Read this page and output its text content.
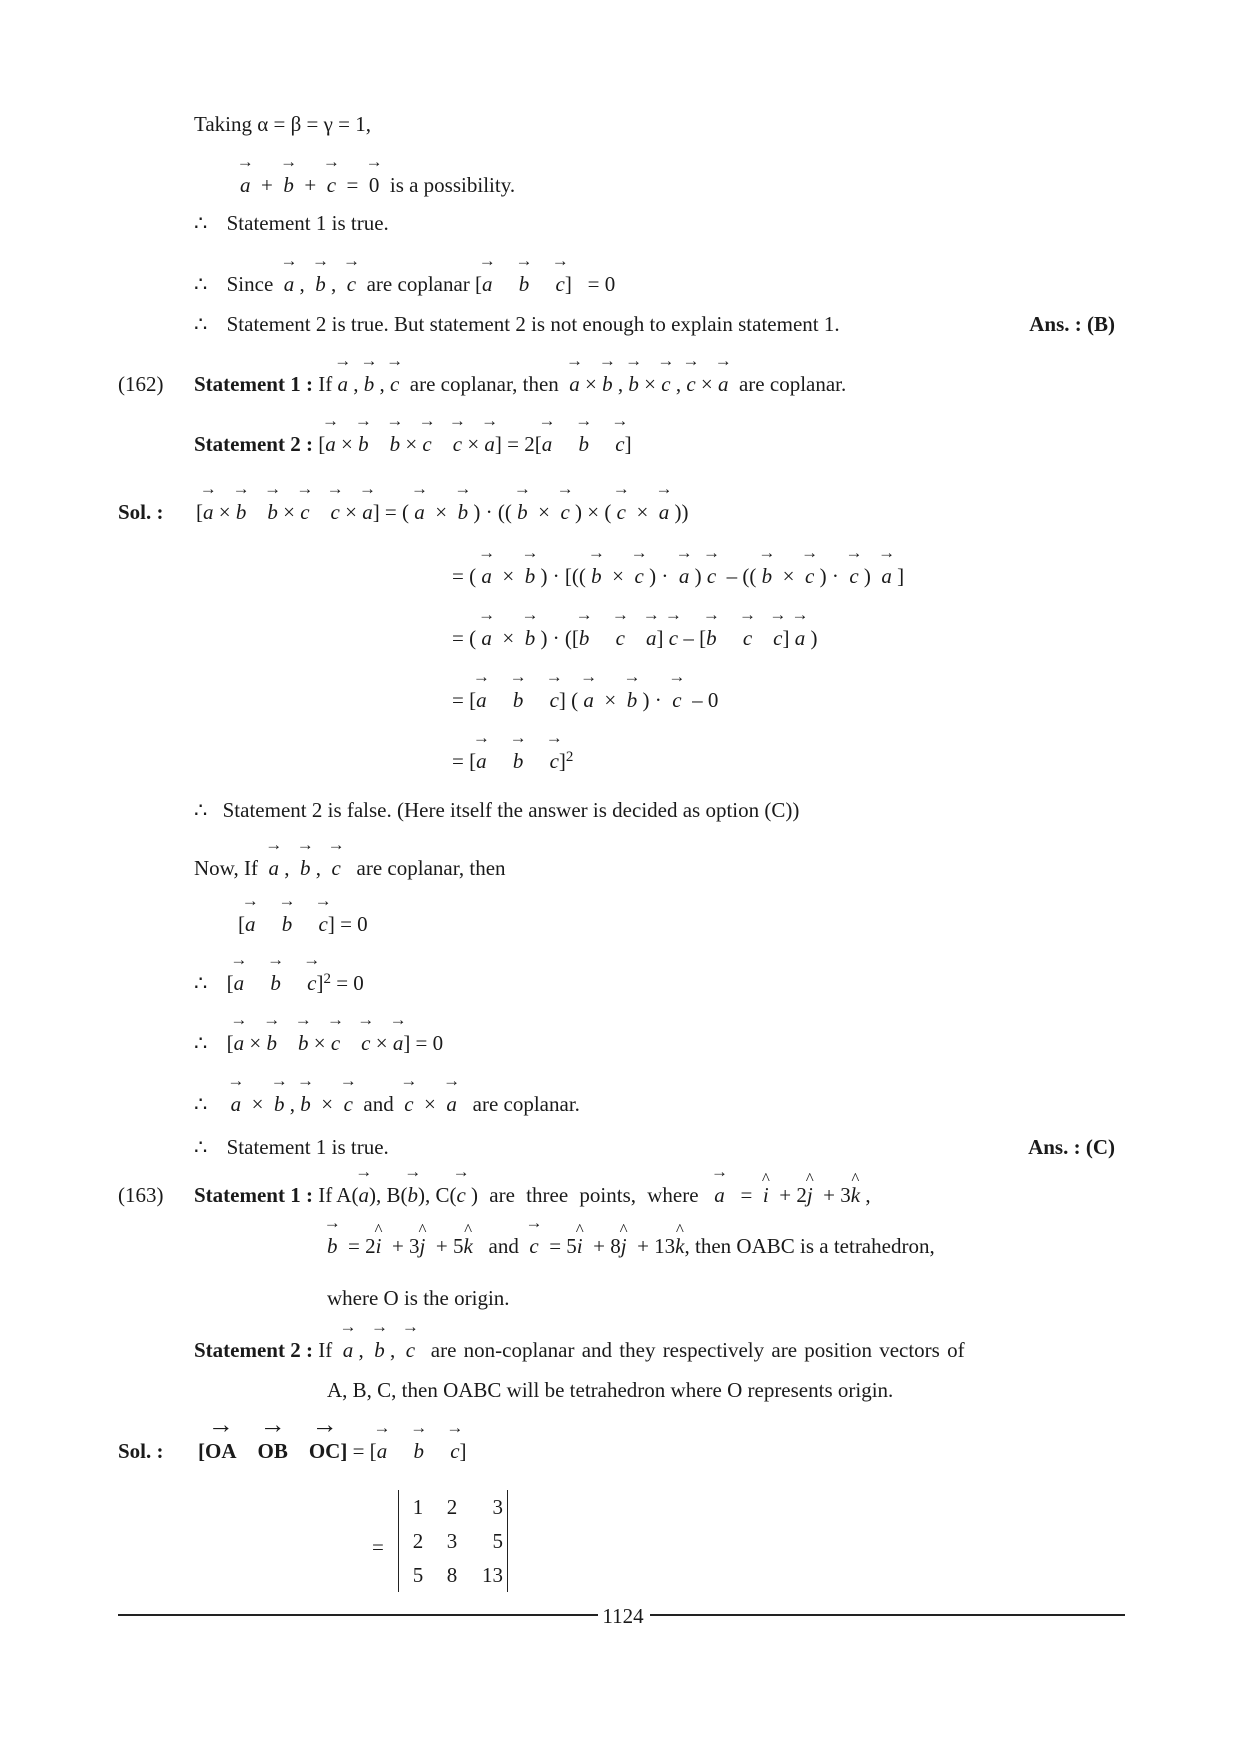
Taking α = β = γ = 1,
→ a  +  → b  +  → c  =  → 0 is a possibility.
∴ Statement 1 is true.
∴ Since → a ,  → b ,  → c are coplanar [→ a → b → c]   = 0
∴ Statement 2 is true. But statement 2 is not enough to explain statement 1.	Ans. : (B)
(162) Statement 1 : If → a , → b , → c are coplanar, then → a × → b , → b × → c , → c × → a are coplanar.
Statement 2 : [→ a × → b → b × → c → c × → a] = 2[→ a → b → c]
Sol. : [→ a × → b → b × → c → c × → a] = ( → a  ×  → b ) · (( → b  ×  → c ) × ( → c  ×  → a ))
= ( → a  ×  → b ) · [(( → b  ×  → c ) ·  → a ) → c  – (( → b  ×  → c ) ·  → c )  → a ]
= ( → a  ×  → b ) · ([→ b → c → a] → c – [→ b → c → c] → a )
= [→ a → b → c] ( → a  ×  → b ) ·  → c  – 0
= [→ a → b → c]$^2$
∴ Statement 2 is false. (Here itself the answer is decided as option (C))
Now, If → a ,  → b ,  → c are coplanar, then
[→ a → b → c] = 0
∴ [→ a → b → c]$^2$ = 0
∴ [→ a × → b → b × → c → c × → a] = 0
∴ → a  ×  → b , → b  ×  → c and → c  ×  → a are coplanar.
∴ Statement 1 is true.	Ans. : (C)
(163) Statement 1 : If A(→ a), B(→ b), C(→ c ) are three points, where → a   =  ^ i  + 2^ j  + 3^ k ,
→ b  = 2^ i  + 3^ j  + 5^ k and → c  = 5^ i  + 8^ j  + 13^ k, then OABC is a tetrahedron,
where O is the origin.
Statement 2 : If  → a ,  → b ,  → c are non-coplanar and they respectively are position vectors of
A, B, C, then OABC will be tetrahedron where O represents origin.
Sol. : [→ OA → OB → OC] = [→ a → b → c]
=
1	2	3
2	3	5
5	8	13
1124
